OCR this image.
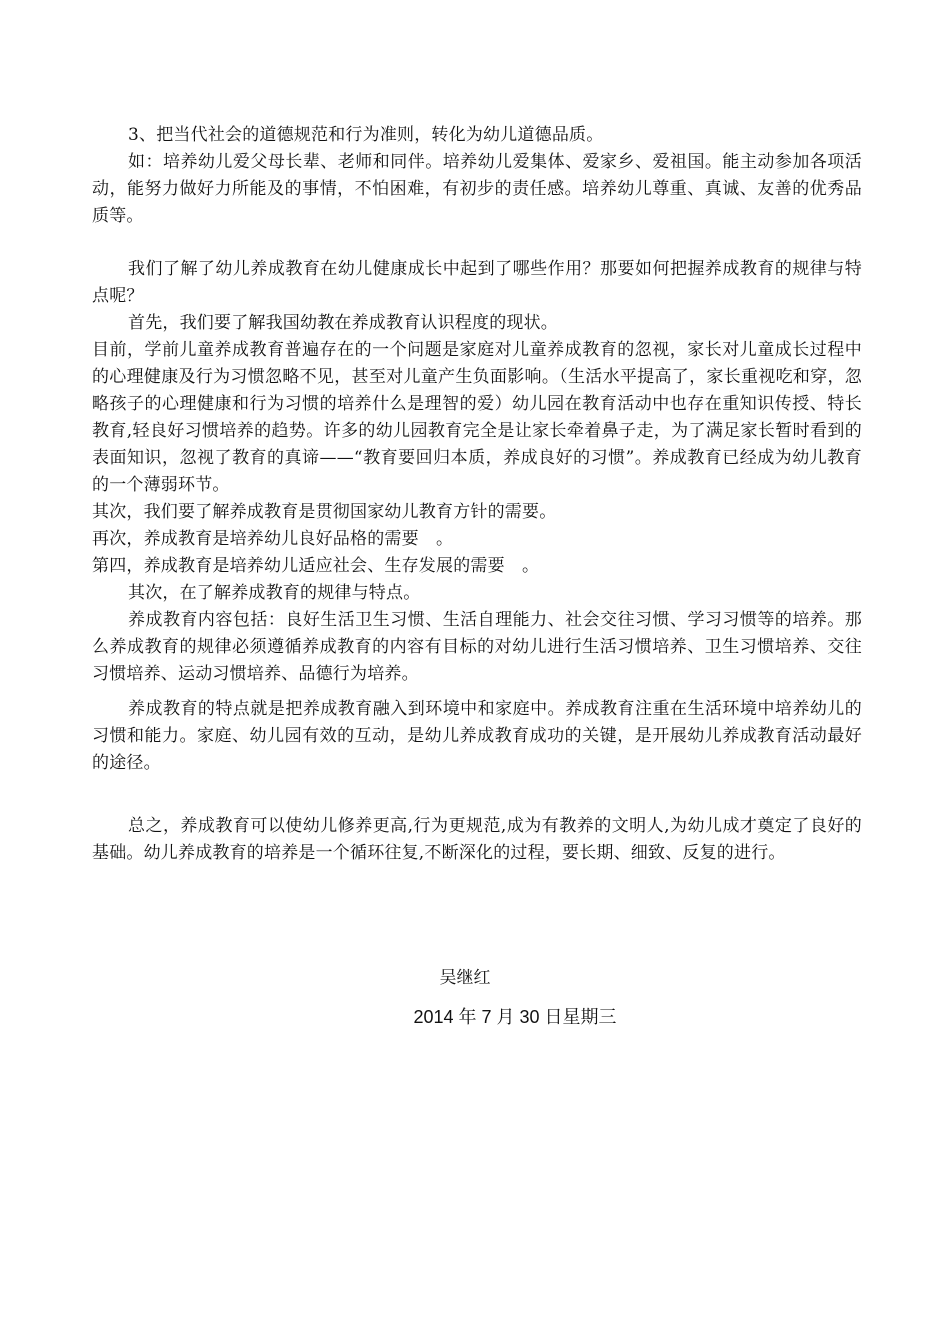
3、把当代社会的道德规范和行为准则，转化为幼儿道德品质。

如：培养幼儿爱父母长辈、老师和同伴。培养幼儿爱集体、爱家乡、爱祖国。能主动参加各项活动，能努力做好力所能及的事情，不怕困难，有初步的责任感。培养幼儿尊重、真诚、友善的优秀品质等。

我们了解了幼儿养成教育在幼儿健康成长中起到了哪些作用？那要如何把握养成教育的规律与特点呢？

首先，我们要了解我国幼教在养成教育认识程度的现状。

目前，学前儿童养成教育普遍存在的一个问题是家庭对儿童养成教育的忽视，家长对儿童成长过程中的心理健康及行为习惯忽略不见，甚至对儿童产生负面影响。（生活水平提高了，家长重视吃和穿，忽略孩子的心理健康和行为习惯的培养什么是理智的爱）幼儿园在教育活动中也存在重知识传授、特长教育,轻良好习惯培养的趋势。许多的幼儿园教育完全是让家长牵着鼻子走，为了满足家长暂时看到的表面知识，忽视了教育的真谛——“教育要回归本质，养成良好的习惯”。养成教育已经成为幼儿教育的一个薄弱环节。

其次，我们要了解养成教育是贯彻国家幼儿教育方针的需要。

再次，养成教育是培养幼儿良好品格的需要　。

第四，养成教育是培养幼儿适应社会、生存发展的需要　。

其次，在了解养成教育的规律与特点。

养成教育内容包括：良好生活卫生习惯、生活自理能力、社会交往习惯、学习习惯等的培养。那么养成教育的规律必须遵循养成教育的内容有目标的对幼儿进行生活习惯培养、卫生习惯培养、交往习惯培养、运动习惯培养、品德行为培养。

养成教育的特点就是把养成教育融入到环境中和家庭中。养成教育注重在生活环境中培养幼儿的习惯和能力。家庭、幼儿园有效的互动，是幼儿养成教育成功的关键，是开展幼儿养成教育活动最好的途径。

总之，养成教育可以使幼儿修养更高,行为更规范,成为有教养的文明人,为幼儿成才奠定了良好的基础。幼儿养成教育的培养是一个循环往复,不断深化的过程，要长期、细致、反复的进行。

吴继红
2014 年 7 月 30 日星期三
